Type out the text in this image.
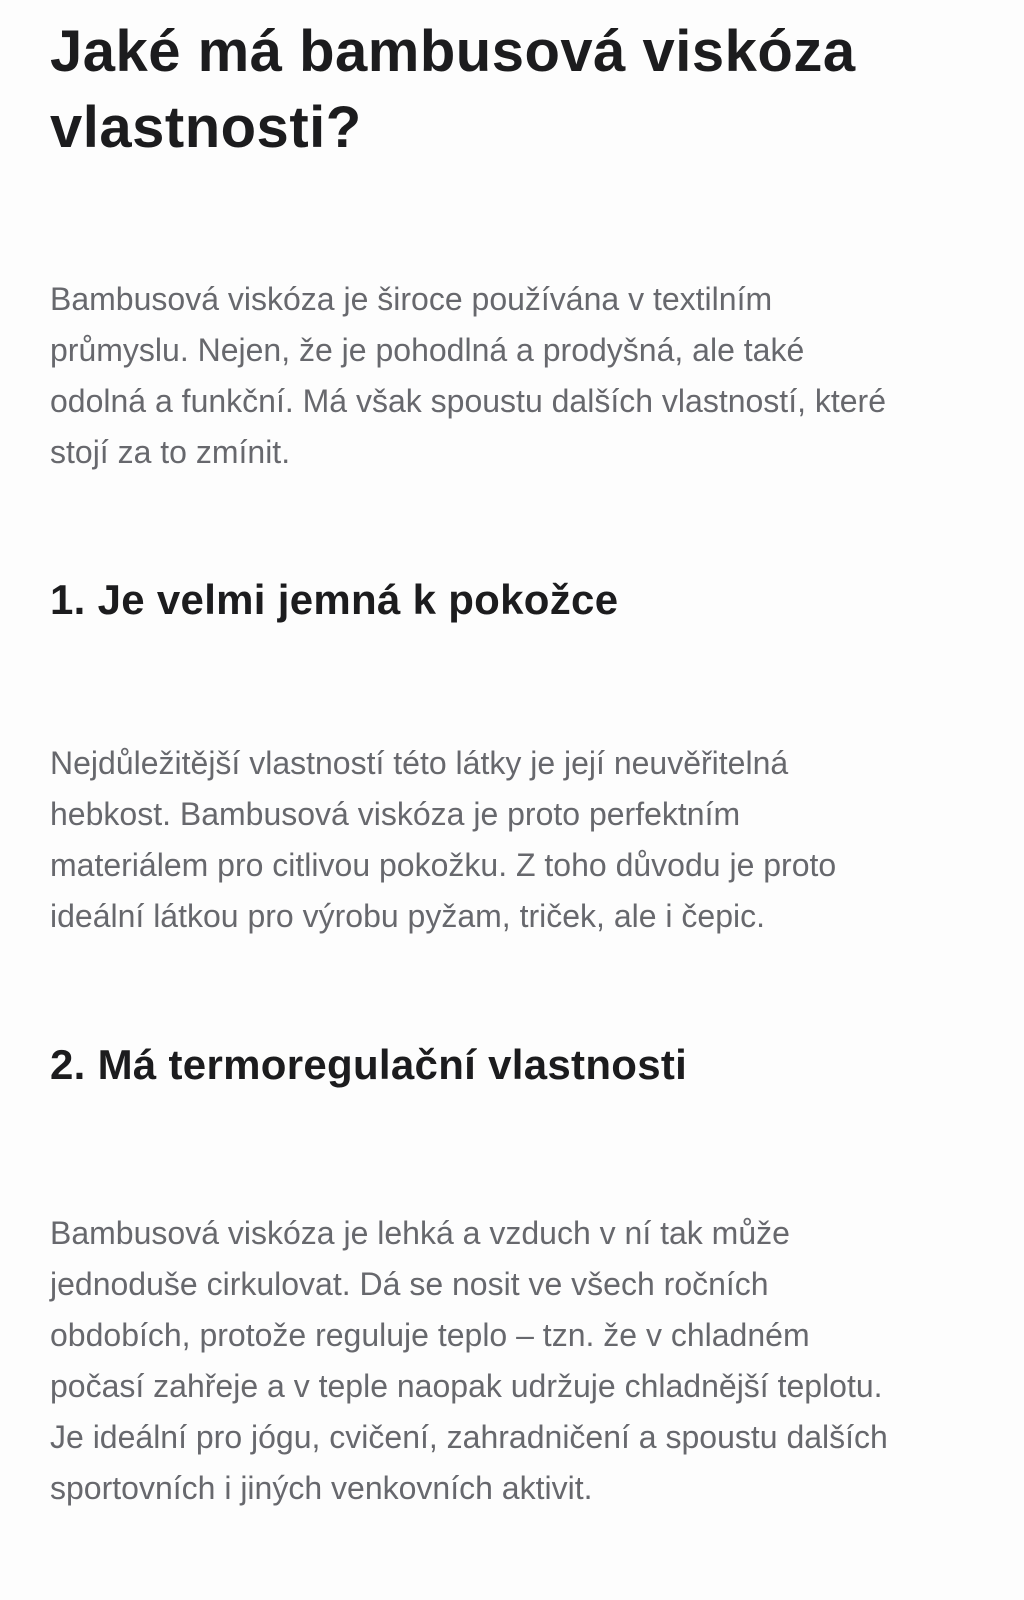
Jaké má bambusová viskóza
vlastnosti?
Bambusová viskóza je široce používána v textilním
průmyslu. Nejen, že je pohodlná a prodyšná, ale také
odolná a funkční. Má však spoustu dalších vlastností, které
stojí za to zmínit.
1. Je velmi jemná k pokožce
Nejdůležitější vlastností této látky je její neuvěřitelná
hebkost. Bambusová viskóza je proto perfektním
materiálem pro citlivou pokožku. Z toho důvodu je proto
ideální látkou pro výrobu pyžam, triček, ale i čepic.
2. Má termoregulační vlastnosti
Bambusová viskóza je lehká a vzduch v ní tak může
jednoduše cirkulovat. Dá se nosit ve všech ročních
obdobích, protože reguluje teplo – tzn. že v chladném
počasí zahřeje a v teple naopak udržuje chladnější teplotu.
Je ideální pro jógu, cvičení, zahradničení a spoustu dalších
sportovních i jiných venkovních aktivit.
